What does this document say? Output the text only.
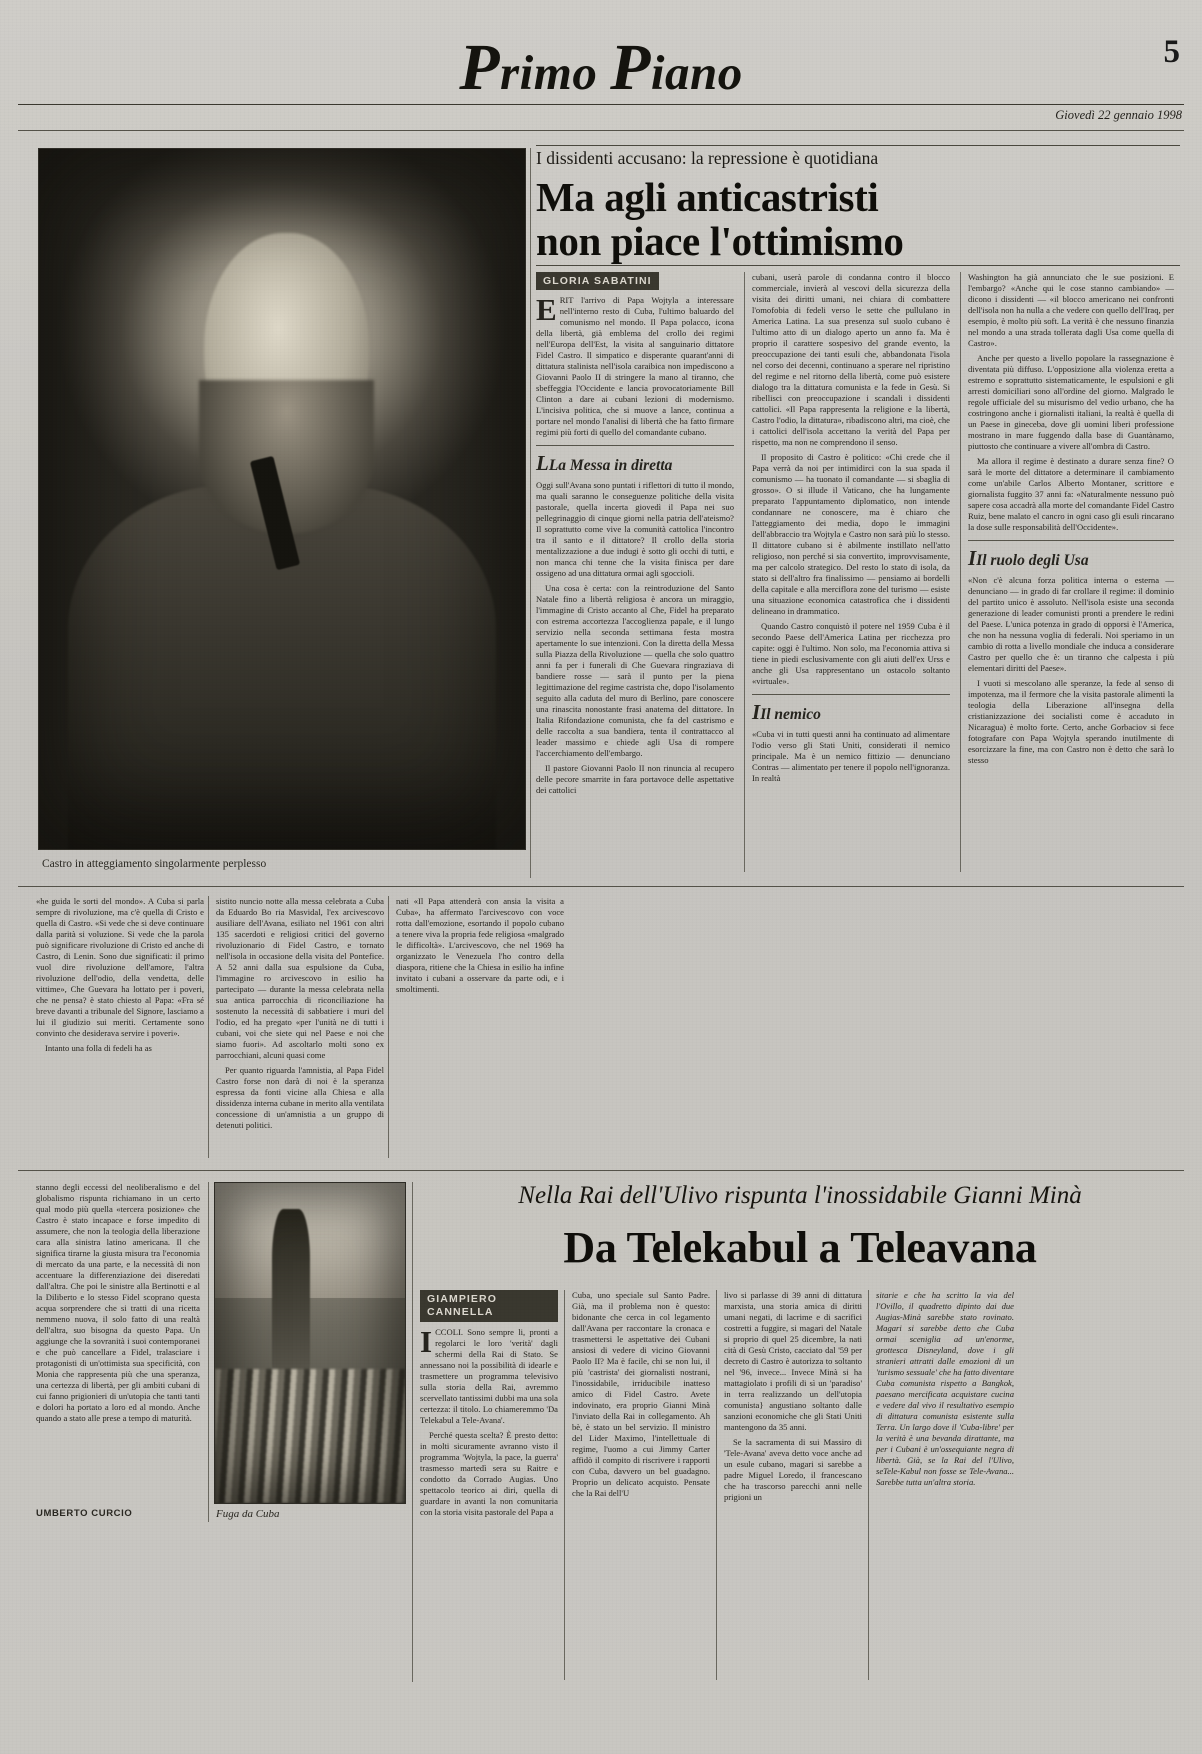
Primo Piano	5
Giovedì 22 gennaio 1998
Castro in atteggiamento singolarmente perplesso
I dissidenti accusano: la repressione è quotidiana
Ma agli anticastristi
non piace l'ottimismo
GLORIA SABATINI

ERIT l'arrivo di Papa Wojtyla a interessare nell'interno resto di Cuba, l'ultimo baluardo del comunismo nel mondo. Il Papa polacco, icona della libertà, già emblema del crollo dei regimi nell'Europa dell'Est, la visita al sanguinario dittatore Fidel Castro. Il simpatico e disperante quarant'anni di dittatura stalinista nell'isola caraibica non impediscono a Giovanni Paolo II di stringere la mano al tiranno, che sbeffeggia l'Occidente e lancia provocatoriamente Bill Clinton a dare ai cubani lezioni di modernismo. L'incisiva politica, che si muove a lance, continua a portare nel mondo l'analisi di libertà che ha fatto firmare regimi più forti di quello del comandante cubano.

LLa Messa in diretta

Oggi sull'Avana sono puntati i riflettori di tutto il mondo, ma quali saranno le conseguenze politiche della visita pastorale, quella incerta giovedì il Papa nei suo pellegrinaggio di cinque giorni nella patria dell'ateismo? Il soprattutto come vive la comunità cattolica l'incontro tra il santo e il dittatore? Il crollo della storia mentalizzazione a due indugi è sotto gli occhi di tutti, e non manca chi tenne che la visita finisca per dare ossigeno ad una dittatura ormai agli sgoccioli.

Una cosa è certa: con la reintroduzione del Santo Natale fino a libertà religiosa è ancora un miraggio, l'immagine di Cristo accanto al Che, Fidel ha preparato con estrema accortezza l'accoglienza papale, e il lungo servizio nella seconda settimana festa mostra apertamente lo sue intenzioni. Con la diretta della Messa sulla Piazza della Rivoluzione — quella che solo quattro anni fa per i funerali di Che Guevara ringraziava di bandiere rosse — sarà il punto per la piena legittimazione del regime castrista che, dopo l'isolamento seguito alla caduta del muro di Berlino, pare conoscere una rinascita nonostante frasi anatema del dittatore. In Italia Rifondazione comunista, che fa del castrismo e delle raccolta a sua bandiera, tenta il contrattacco al leader massimo e chiede agli Usa di rompere l'accerchiamento dell'embargo.

Il pastore Giovanni Paolo II non rinuncia al recupero delle pecore smarrite in fara portavoce delle aspettative dei cattolici

cubani, userà parole di condanna contro il blocco commerciale, invierà al vescovi della sicurezza della visita dei diritti umani, nei chiara di combattere l'omofobia di fedeli verso le sette che pullulano in America Latina. La sua presenza sul suolo cubano è l'ultimo atto di un dialogo aperto un anno fa. Ma è proprio il carattere sospesivo del grande evento, la preoccupazione dei tanti esuli che, abbandonata l'isola nel corso dei decenni, continuano a sperare nel ripristino del regime e nel ritorno della libertà, come può esistere dialogo tra la dittatura comunista e la fede in Gesù. Si ribellisci con preoccupazione i scandali i dissidenti cattolici. «Il Papa rappresenta la religione e la libertà, Castro l'odio, la dittatura», ribadiscono altri, ma cioè, che i cattolici dell'isola accettano la verità del Papa per rispetto, ma non ne comprendono il senso.

Il proposito di Castro è politico: «Chi crede che il Papa verrà da noi per intimidirci con la sua spada il comunismo — ha tuonato il comandante — si sbaglia di grosso». O si illude il Vaticano, che ha lungamente preparato l'appuntamento diplomatico, non intende condannare ne conoscere, ma è chiaro che l'atteggiamento dei media, dopo le immagini dell'abbraccio tra Wojtyla e Castro non sarà più lo stesso. Il dittatore cubano si è abilmente instillato nell'atto religioso, non perché si sia convertito, improvvisamente, ma per calcolo strategico. Del resto lo stato di isola, da stato si dell'altro fra finalissimo — pensiamo ai bordelli della capitale e alla merciflora zone del turismo — esiste una situazione economica catastrofica che i dissidenti delineano in drammatico.

Quando Castro conquistò il potere nel 1959 Cuba è il secondo Paese dell'America Latina per ricchezza pro capite: oggi è l'ultimo. Non solo, ma l'economia attiva si tiene in piedi esclusivamente con gli aiuti dell'ex Urss e anche gli Usa rappresentano un ostacolo soltanto «virtuale».

IIl nemico

«Cuba vi in tutti questi anni ha continuato ad alimentare l'odio verso gli Stati Uniti, considerati il nemico principale. Ma è un nemico fittizio — denunciano Contras — alimentato per tenere il popolo nell'ignoranza. In realtà

Washington ha già annunciato che le sue posizioni. E l'embargo? «Anche qui le cose stanno cambiando» — dicono i dissidenti — «il blocco americano nei confronti dell'isola non ha nulla a che vedere con quello dell'Iraq, per esempio, è molto più soft. La verità è che nessuno finanzia nel mondo a una strada tollerata dagli Usa come quella di Castro».

Anche per questo a livello popolare la rassegnazione è diventata più diffuso. L'opposizione alla violenza eretta a estremo e soprattutto sistematicamente, le espulsioni e gli arresti domiciliari sono all'ordine del giorno. Malgrado le regole ufficiale del su misurismo del vedio urbano, che ha costringono anche i giornalisti italiani, la realtà è quella di un Paese in gineceba, dove gli uomini liberi professione mostrano in mare fuggendo dalla base di Guantànamo, piuttosto che continuare a vivere all'ombra di Castro.

Ma allora il regime è destinato a durare senza fine? O sarà le morte del dittatore a determinare il cambiamento come un'abile Carlos Alberto Montaner, scrittore e giornalista fuggito 37 anni fa: «Naturalmente nessuno può sapere cosa accadrà alla morte del comandante Fidel Castro Ruiz, bene malato el cancro in ogni caso gli esuli rincarano la dose sulle responsabilità dell'Occidente».

IIl ruolo degli Usa

«Non c'è alcuna forza politica interna o esterna — denunciano — in grado di far crollare il regime: il dominio del partito unico è assoluto. Nell'isola esiste una seconda generazione di leader comunisti pronti a prendere le redini del Paese. L'unica potenza in grado di opporsi è l'America, che non ha nessuna voglia di federali. Noi speriamo in un cambio di rotta a livello mondiale che induca a considerare Castro per quello che è: un tiranno che calpesta i più elementari diritti del Paese».

I vuoti si mescolano alle speranze, la fede al senso di impotenza, ma il fermore che la visita pastorale alimenti la teologia della Liberazione all'insegna della cristianizzazione dei socialisti come è accaduto in Nicaragua) è molto forte. Certo, anche Gorbaciov si fece fotografare con Papa Wojtyla sperando inutilmente di esorcizzare la fine, ma con Castro non è detto che sarà lo stesso

«he guida le sorti del mondo». A Cuba si parla sempre di rivoluzione, ma c'è quella di Cristo e quella di Castro. «Si vede che si deve continuare dalla parità si voluzione. Si vede che la parola può significare rivoluzione di Cristo ed anche di Castro, di Lenin. Sono due significati: il primo vuol dire rivoluzione dell'amore, l'altra rivoluzione dell'odio, della vendetta, delle vittime», Che Guevara ha lottato per i poveri, che ne pensa? è stato chiesto al Papa: «Fra sé breve davanti a tribunale del Signore, lasciamo a lui il giudizio sui meriti. Certamente sono convinto che desiderava servire i poveri».

Intanto una folla di fedeli ha as

sistito nuncio notte alla messa celebrata a Cuba da Eduardo Bo ria Masvidal, l'ex arcivescovo ausiliare dell'Avana, esiliato nel 1961 con altri 135 sacerdoti e religiosi critici del governo rivoluzionario di Fidel Castro, e tornato nell'isola in occasione della visita del Pontefice. A 52 anni dalla sua espulsione da Cuba, l'immagine ro arcivescovo in esilio ha partecipato — durante la messa celebrata nella sua antica parrocchia di riconciliazione ha sostenuto la necessità di sabbatiere i muri del l'odio, ed ha pregato «per l'unità ne di tutti i cubani, voi che siete qui nel Paese e noi che siamo fuori». Ad ascoltarlo molti sono ex parrocchiani, alcuni quasi come

Per quanto riguarda l'amnistia, al Papa Fidel Castro forse non darà di noi è la speranza espressa da fonti vicine alla Chiesa e alla dissidenza interna cubane in merito alla ventilata concessione di un'amnistia a un gruppo di detenuti politici.

nati «Il Papa attenderà con ansia la visita a Cuba», ha affermato l'arcivescovo con voce rotta dall'emozione, esortando il popolo cubano a tenere viva la propria fede religiosa «malgrado le difficoltà». L'arcivescovo, che nel 1969 ha organizzato le Venezuela l'ho contro della diaspora, ritiene che la Chiesa in esilio ha infine invitato i cubani a osservare da parte odi, e i smoltimenti.

stanno degli eccessi del neoliberalismo e del globalismo rispunta richiamano in un certo qual modo più quella «tercera posizione» che Castro è stato incapace e forse impedito di assumere, che non la teologia della liberazione cara alla sinistra latino americana. Il che significa tirarne la giusta misura tra l'economia di mercato da una parte, e la necessità di non accentuare la differenziazione dei diseredati dall'altra. Che poi le sinistre alla Bertinotti e al la Diliberto e lo stesso Fidel scoprano questa acqua sorprendere che si tratti di una ricetta nemmeno nuova, il solo fatto di una realtà dell'altra, suo bisogna da questo Papa. Un aggiunge che la sovranità i suoi contemporanei e che può cancellare a Fidel, tralasciare i protagonisti di un'ottimista sua specificità, con Monia che rappresenta più che una speranza, una certezza di libertà, per gli ambiti cubani di cui fanno prigionieri di un'utopia che tanti tanti e dolori ha portato a loro ed al mondo. Anche quando a stato alle prese a tempo di maturità.

UMBERTO CURCIO	Fuga da Cuba
Nella Rai dell'Ulivo rispunta l'inossidabile Gianni Minà
Da Telekabul a Teleavana
GIAMPIERO CANNELLA

ICCOLI. Sono sempre li, pronti a regolarci le loro 'verità' dagli schermi della Rai di Stato. Se annessano noi la possibilità di idearle e trasmettere un programma televisivo sulla storia della Rai, avremmo scervellato tantissimi dubbi ma una sola certezza: il titolo. Lo chiameremmo 'Da Telekabul a Tele-Avana'.

Perché questa scelta? È presto detto: in molti sicuramente avranno visto il programma 'Wojtyla, la pace, la guerra' trasmesso martedì sera su Raitre e condotto da Corrado Augias. Uno spettacolo teorico ai diri, quella di guardare in avanti la non comunitaria con la storia visita pastorale del Papa a

Cuba, uno speciale sul Santo Padre. Già, ma il problema non è questo: bidonante che cerca in col legamento dall'Avana per raccontare la cronaca e trasmettersi le aspettative dei Cubani ansiosi di vedere di vicino Giovanni Paolo II? Ma è facile, chi se non lui, il più 'castrista' dei giornalisti nostrani, l'inossidabile, irriducibile inatteso amico di Fidel Castro. Avete indovinato, era proprio Gianni Minà l'inviato della Rai in collegamento. Ah bè, è stato un bel servizio. Il ministro del Lider Maximo, l'intellettuale di regime, l'uomo a cui Jimmy Carter affidò il compito di riscrivere i rapporti con Cuba, davvero un bel guadagno. Proprio un delicato acquisto. Pensate che la Rai dell'U

livo si parlasse di 39 anni di dittatura marxista, una storia amica di diritti umani negati, di lacrime e di sacrifici costretti a fuggire, si magari del Natale si proprio di quel 25 dicembre, la nati cità di Gesù Cristo, cacciato dal '59 per decreto di Castro è autorizza to soltanto nel '96, invece... Invece Minà si ha mattagiolato i profili di sì un 'paradiso' in terra realizzando un dell'utopia comunista} angustiano soltanto dalle sanzioni economiche che gli Stati Uniti mantengono da 35 anni.

Se la sacramenta di sui Massiro di 'Tele-Avana' aveva detto voce anche ad un esule cubano, magari si sarebbe a padre Miguel Loredo, il francescano che ha trascorso parecchi anni nelle prigioni un

sitarie e che ha scritto la via del l'Ovillo, il quadretto dipinto dai due Augias-Minà sarebbe stato rovinato. Magari si sarebbe detto che Cuba ormai sceniglia ad un'enorme, grottesca Disneyland, dove i gli stranieri attratti dalle emozioni di un 'turismo sessuale' che ha fatto diventare Cuba comunista rispetto a Bangkok, paesano mercificata acquistare cucina e vedere dal vivo il resultativo esempio di dittatura comunista esistente sulla Terra. Un largo dove il 'Cuba-libre' per la verità è una bevanda dirattante, ma per i Cubani è un'ossequiante negra di libertà. Già, se la Rai del l'Ulivo, seTele-Kabul non fosse se Tele-Avana... Sarebbe tutta un'altra storia.
